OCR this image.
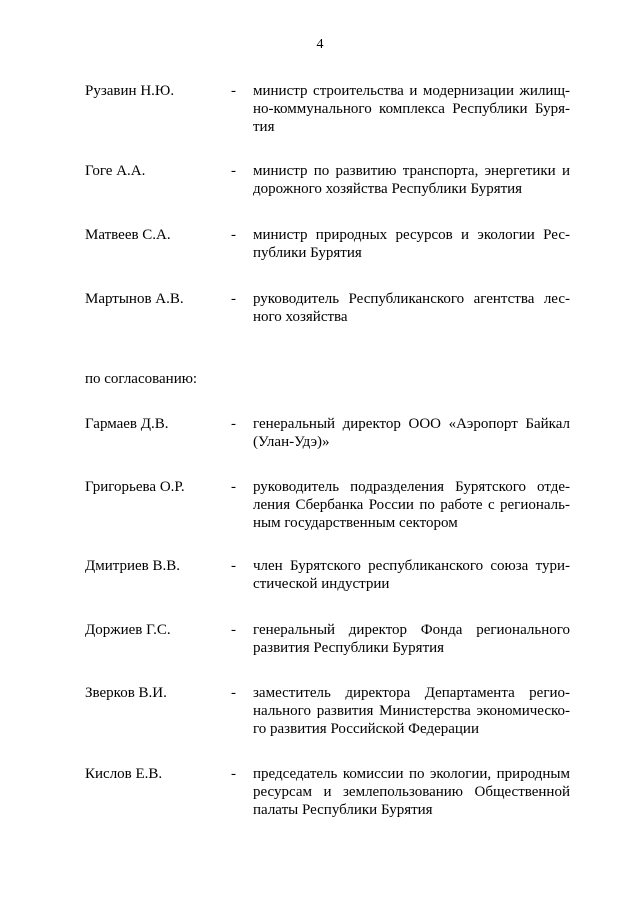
4
Рузавин Н.Ю.	- министр строительства и модернизации жилищ-
но-коммунального комплекса Республики Буря-
тия
Гоге А.А.	- министр по развитию транспорта, энергетики и
дорожного хозяйства Республики Бурятия
Матвеев С.А.	- министр природных ресурсов и экологии Рес-
публики Бурятия
Мартынов А.В.	- руководитель Республиканского агентства лес-
ного хозяйства
по согласованию:
Гармаев Д.В.	- генеральный директор ООО «Аэропорт Байкал
(Улан-Удэ)»
Григорьева О.Р.	- руководитель подразделения Бурятского отде-
ления Сбербанка России по работе с региональ-
ным государственным сектором
Дмитриев В.В.	- член Бурятского республиканского союза тури-
стической индустрии
Доржиев Г.С.	- генеральный директор Фонда регионального
развития Республики Бурятия
Зверков В.И.	- заместитель директора Департамента регио-
нального развития Министерства экономическо-
го развития Российской Федерации
Кислов Е.В.	- председатель комиссии по экологии, природным
ресурсам и землепользованию Общественной
палаты Республики Бурятия
